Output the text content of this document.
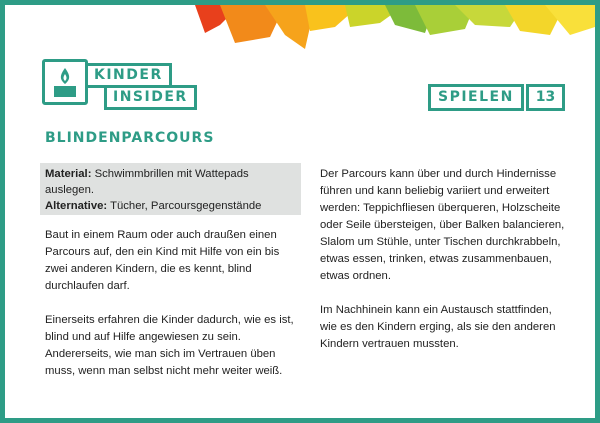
KINDER
INSIDER	SPIELEN	13
BLINDENPARCOURS
Material: Schwimmbrillen mit Wattepads auslegen.
Alternative: Tücher, Parcoursgegenstände

Baut in einem Raum oder auch draußen einen Parcours auf, den ein Kind mit Hilfe von ein bis zwei anderen Kindern, die es kennt, blind durchlaufen darf.

Einerseits erfahren die Kinder dadurch, wie es ist, blind und auf Hilfe angewiesen zu sein. Andererseits, wie man sich im Vertrauen üben muss, wenn man selbst nicht mehr weiter weiß.

Der Parcours kann über und durch Hindernisse führen und kann beliebig variiert und erweitert werden: Teppichfliesen überqueren, Holzscheite oder Seile übersteigen, über Balken balancieren, Slalom um Stühle, unter Tischen durchkrabbeln, etwas essen, trinken, etwas zusammenbauen, etwas ordnen.

Im Nachhinein kann ein Austausch stattfinden, wie es den Kindern erging, als sie den anderen Kindern vertrauen mussten.
